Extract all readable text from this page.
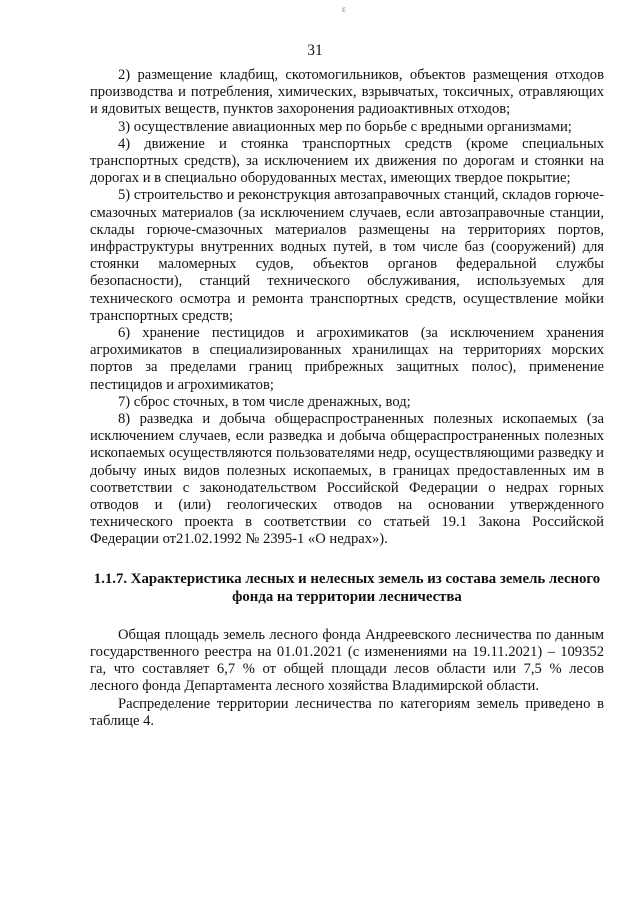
ε
31

2) размещение кладбищ, скотомогильников, объектов размещения отходов производства и потребления, химических, взрывчатых, токсичных, отравляющих и ядовитых веществ, пунктов захоронения радиоактивных отходов;

3) осуществление авиационных мер по борьбе с вредными организмами;

4) движение и стоянка транспортных средств (кроме специальных транспортных средств), за исключением их движения по дорогам и стоянки на дорогах и в специально оборудованных местах, имеющих твердое покрытие;

5) строительство и реконструкция автозаправочных станций, складов горюче-смазочных материалов (за исключением случаев, если автозаправочные станции, склады горюче-смазочных материалов размещены на территориях портов, инфраструктуры внутренних водных путей, в том числе баз (сооружений) для стоянки маломерных судов, объектов органов федеральной службы безопасности), станций технического обслуживания, используемых для технического осмотра и ремонта транспортных средств, осуществление мойки транспортных средств;

6) хранение пестицидов и агрохимикатов (за исключением хранения агрохимикатов в специализированных хранилищах на территориях морских портов за пределами границ прибрежных защитных полос), применение пестицидов и агрохимикатов;

7) сброс сточных, в том числе дренажных, вод;

8) разведка и добыча общераспространенных полезных ископаемых (за исключением случаев, если разведка и добыча общераспространенных полезных ископаемых осуществляются пользователями недр, осуществляющими разведку и добычу иных видов полезных ископаемых, в границах предоставленных им в соответствии с законодательством Российской Федерации о недрах горных отводов и (или) геологических отводов на основании утвержденного технического проекта в соответствии со статьей 19.1 Закона Российской Федерации от21.02.1992 № 2395-1 «О недрах»).

1.1.7. Характеристика лесных и нелесных земель из состава земель лесного
фонда на территории лесничества

Общая площадь земель лесного фонда Андреевского лесничества по данным государственного реестра на 01.01.2021 (с изменениями на 19.11.2021) – 109352 га, что составляет 6,7 % от общей площади лесов области или 7,5 % лесов лесного фонда Департамента лесного хозяйства Владимирской области.

Распределение территории лесничества по категориям земель приведено в таблице 4.
